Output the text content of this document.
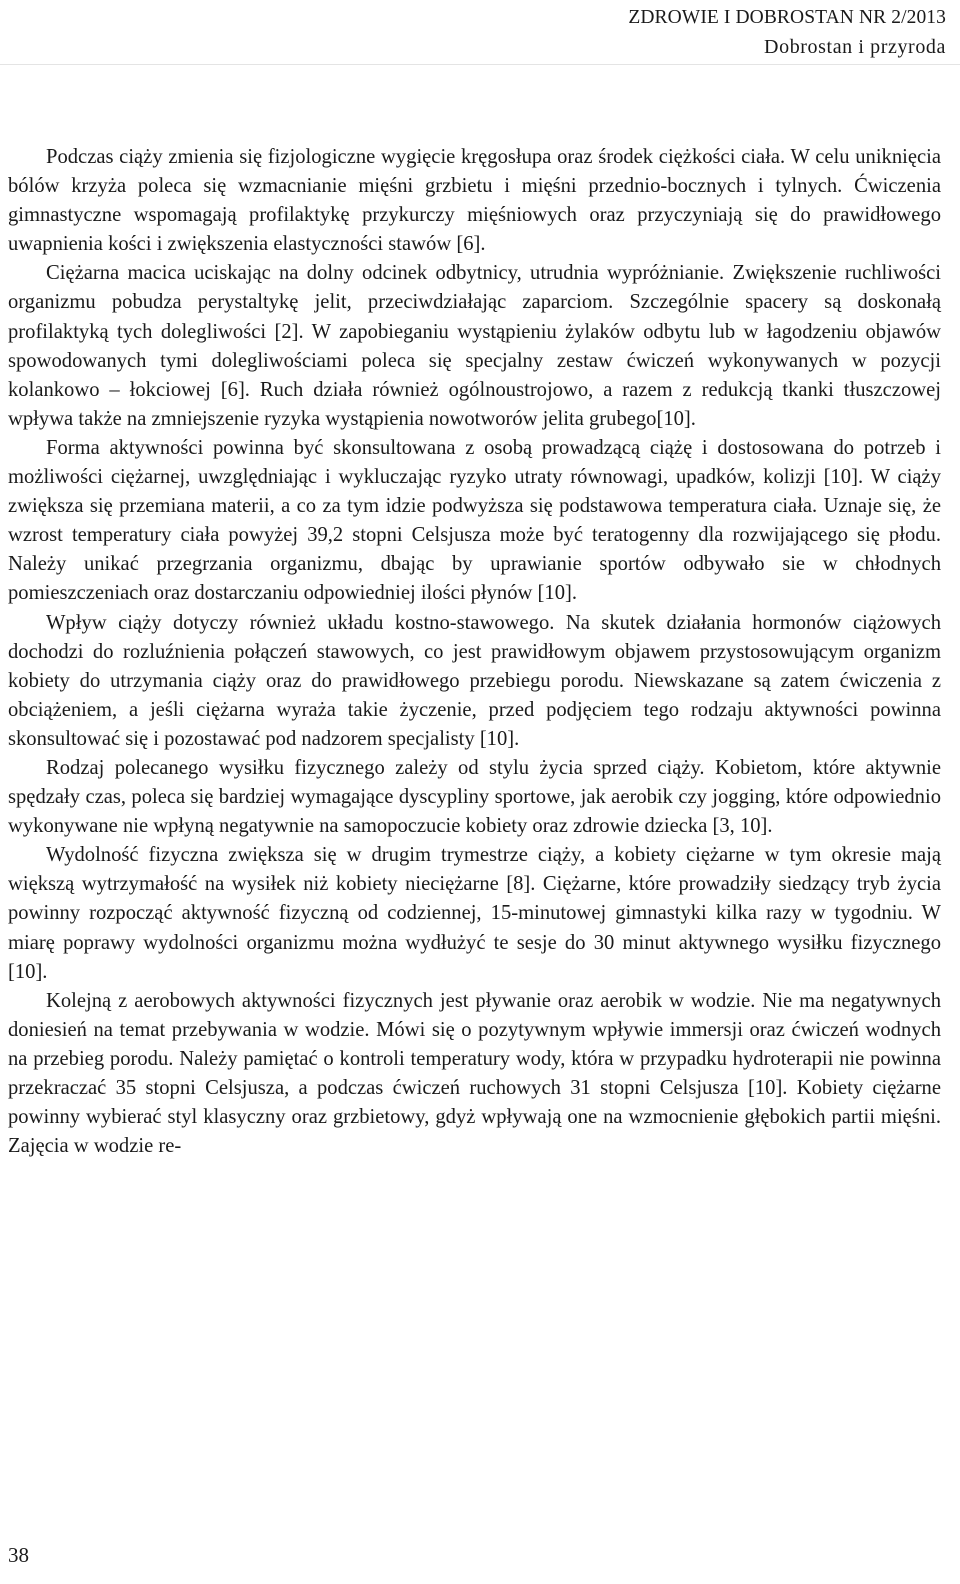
ZDROWIE I DOBROSTAN NR 2/2013
Dobrostan i przyroda

Podczas ciąży zmienia się fizjologiczne wygięcie kręgosłupa oraz środek ciężkości ciała. W celu uniknięcia bólów krzyża poleca się wzmacnianie mięśni grzbietu i mięśni przednio-bocznych i tylnych. Ćwiczenia gimnastyczne wspomagają profilaktykę przykurczy mięśniowych oraz przyczyniają się do prawidłowego uwapnienia kości i zwiększenia elastyczności stawów [6].

Ciężarna macica uciskając na dolny odcinek odbytnicy, utrudnia wypróżnianie. Zwiększenie ruchliwości organizmu pobudza perystaltykę jelit, przeciwdziałając zaparciom. Szczególnie spacery są doskonałą profilaktyką tych dolegliwości [2]. W zapobieganiu wystąpieniu żylaków odbytu lub w łagodzeniu objawów spowodowanych tymi dolegliwościami poleca się specjalny zestaw ćwiczeń wykonywanych w pozycji kolankowo – łokciowej [6]. Ruch działa również ogólnoustrojowo, a razem z redukcją tkanki tłuszczowej wpływa także na zmniejszenie ryzyka wystąpienia nowotworów jelita grubego[10].

Forma aktywności powinna być skonsultowana z osobą prowadzącą ciążę i dostosowana do potrzeb i możliwości ciężarnej, uwzględniając i wykluczając ryzyko utraty równowagi, upadków, kolizji [10]. W ciąży zwiększa się przemiana materii, a co za tym idzie podwyższa się podstawowa temperatura ciała. Uznaje się, że wzrost temperatury ciała powyżej 39,2 stopni Celsjusza może być teratogenny dla rozwijającego się płodu. Należy unikać przegrzania organizmu, dbając by uprawianie sportów odbywało sie w chłodnych pomieszczeniach oraz dostarczaniu odpowiedniej ilości płynów [10].

Wpływ ciąży dotyczy również układu kostno-stawowego. Na skutek działania hormonów ciążowych dochodzi do rozluźnienia połączeń stawowych, co jest prawidłowym objawem przystosowującym organizm kobiety do utrzymania ciąży oraz do prawidłowego przebiegu porodu. Niewskazane są zatem ćwiczenia z obciążeniem, a jeśli ciężarna wyraża takie życzenie, przed podjęciem tego rodzaju aktywności powinna skonsultować się i pozostawać pod nadzorem specjalisty [10].

Rodzaj polecanego wysiłku fizycznego zależy od stylu życia sprzed ciąży. Kobietom, które aktywnie spędzały czas, poleca się bardziej wymagające dyscypliny sportowe, jak aerobik czy jogging, które odpowiednio wykonywane nie wpłyną negatywnie na samopoczucie kobiety oraz zdrowie dziecka [3, 10].

Wydolność fizyczna zwiększa się w drugim trymestrze ciąży, a kobiety ciężarne w tym okresie mają większą wytrzymałość na wysiłek niż kobiety nieciężarne [8]. Ciężarne, które prowadziły siedzący tryb życia powinny rozpocząć aktywność fizyczną od codziennej, 15-minutowej gimnastyki kilka razy w tygodniu. W miarę poprawy wydolności organizmu można wydłużyć te sesje do 30 minut aktywnego wysiłku fizycznego [10].

Kolejną z aerobowych aktywności fizycznych jest pływanie oraz aerobik w wodzie. Nie ma negatywnych doniesień na temat przebywania w wodzie. Mówi się o pozytywnym wpływie immersji oraz ćwiczeń wodnych na przebieg porodu. Należy pamiętać o kontroli temperatury wody, która w przypadku hydroterapii nie powinna przekraczać 35 stopni Celsjusza, a podczas ćwiczeń ruchowych 31 stopni Celsjusza [10]. Kobiety ciężarne powinny wybierać styl klasyczny oraz grzbietowy, gdyż wpływają one na wzmocnienie głębokich partii mięśni. Zajęcia w wodzie re-

38
